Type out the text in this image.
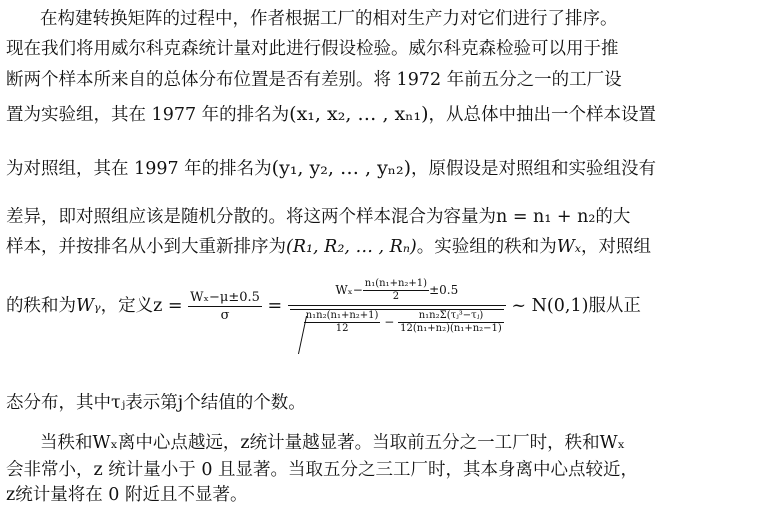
在构建转换矩阵的过程中，作者根据工厂的相对生产力对它们进行了排序。
现在我们将用威尔科克森统计量对此进行假设检验。威尔科克森检验可以用于推
断两个样本所来自的总体分布位置是否有差别。将 1972 年前五分之一的工厂设
置为实验组，其在 1977 年的排名为(x₁, x₂, … , xₙ₁)，从总体中抽出一个样本设置
为对照组，其在 1997 年的排名为(y₁, y₂, … , yₙ₂)，原假设是对照组和实验组没有
差异，即对照组应该是随机分散的。将这两个样本混合为容量为n = n₁ + n₂的大
样本，并按排名从小到大重新排序为(R₁, R₂, … , Rₙ)。实验组的秩和为Wₓ，对照组
的秩和为Wᵧ，定义$z = \frac{\text{Wₓ−μ±0.5}}{\sigma}$ =
$W_x- \frac{\text{n₁(n₁+n₂+1)}}{2} \pm 0.5$
$\frac{\text{n₁n₂(n₁+n₂+1)}}{12} - \frac{\text{n₁n₂Σ(τⱼ³−τⱼ)}}{\text{12(n₁+n₂)(n₁+n₂−1)}}$
~ N(0,1)服从正
态分布，其中τⱼ表示第j个结值的个数。
当秩和Wₓ离中心点越远，z统计量越显著。当取前五分之一工厂时，秩和Wₓ
会非常小，z 统计量小于 0 且显著。当取五分之三工厂时，其本身离中心点较近，
z统计量将在 0 附近且不显著。
